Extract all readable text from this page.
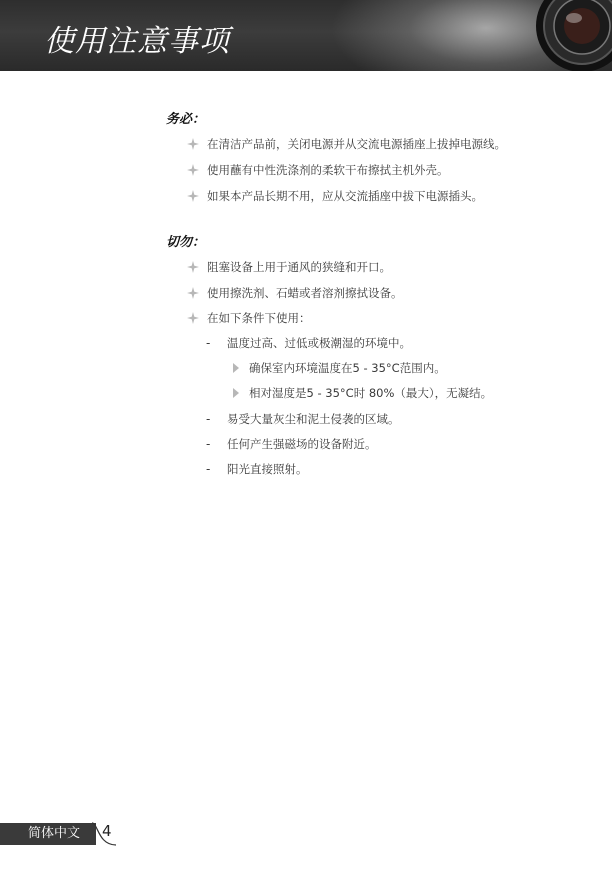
使用注意事项
务必：
在清洁产品前，关闭电源并从交流电源插座上拔掉电源线。
使用蘸有中性洗涤剂的柔软干布擦拭主机外壳。
如果本产品长期不用，应从交流插座中拔下电源插头。
切勿：
阻塞设备上用于通风的狭缝和开口。
使用擦洗剂、石蜡或者溶剂擦拭设备。
在如下条件下使用：
-	温度过高、过低或极潮湿的环境中。
确保室内环境温度在5 - 35°C范围内。
相对湿度是5 - 35°C时 80%（最大），无凝结。
-	易受大量灰尘和泥土侵袭的区域。
-	任何产生强磁场的设备附近。
-	阳光直接照射。
简体中文 4
